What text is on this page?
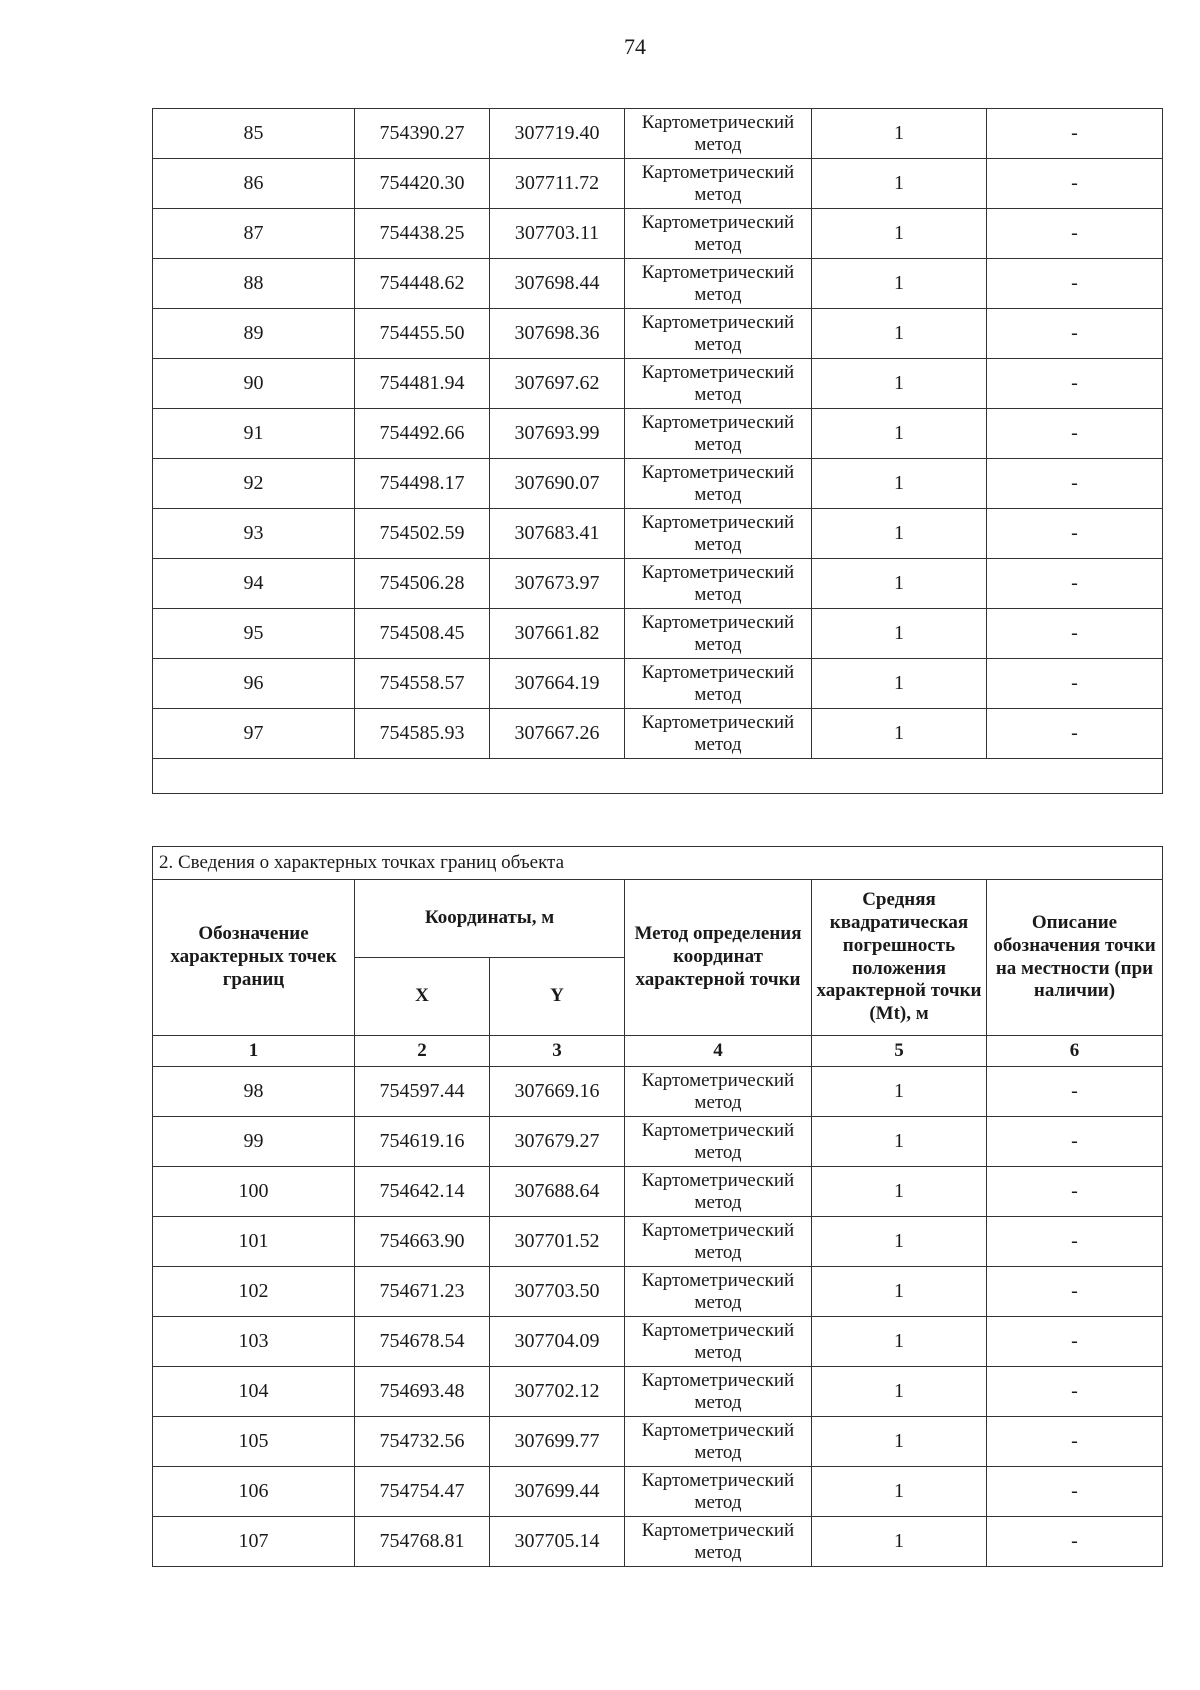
74
85	754390.27	307719.40	Картометрический метод	1	-
86	754420.30	307711.72	Картометрический метод	1	-
87	754438.25	307703.11	Картометрический метод	1	-
88	754448.62	307698.44	Картометрический метод	1	-
89	754455.50	307698.36	Картометрический метод	1	-
90	754481.94	307697.62	Картометрический метод	1	-
91	754492.66	307693.99	Картометрический метод	1	-
92	754498.17	307690.07	Картометрический метод	1	-
93	754502.59	307683.41	Картометрический метод	1	-
94	754506.28	307673.97	Картометрический метод	1	-
95	754508.45	307661.82	Картометрический метод	1	-
96	754558.57	307664.19	Картометрический метод	1	-
97	754585.93	307667.26	Картометрический метод	1	-

2. Сведения о характерных точках границ объекта					
Обозначение характерных точек границ	Координаты, м		Метод определения координат характерной точки	Средняя квадратическая погрешность положения характерной точки (Mt), м	Описание обозначения точки на местности (при наличии)
	X	Y			
1	2	3	4	5	6
98	754597.44	307669.16	Картометрический метод	1	-
99	754619.16	307679.27	Картометрический метод	1	-
100	754642.14	307688.64	Картометрический метод	1	-
101	754663.90	307701.52	Картометрический метод	1	-
102	754671.23	307703.50	Картометрический метод	1	-
103	754678.54	307704.09	Картометрический метод	1	-
104	754693.48	307702.12	Картометрический метод	1	-
105	754732.56	307699.77	Картометрический метод	1	-
106	754754.47	307699.44	Картометрический метод	1	-
107	754768.81	307705.14	Картометрический метод	1	-
